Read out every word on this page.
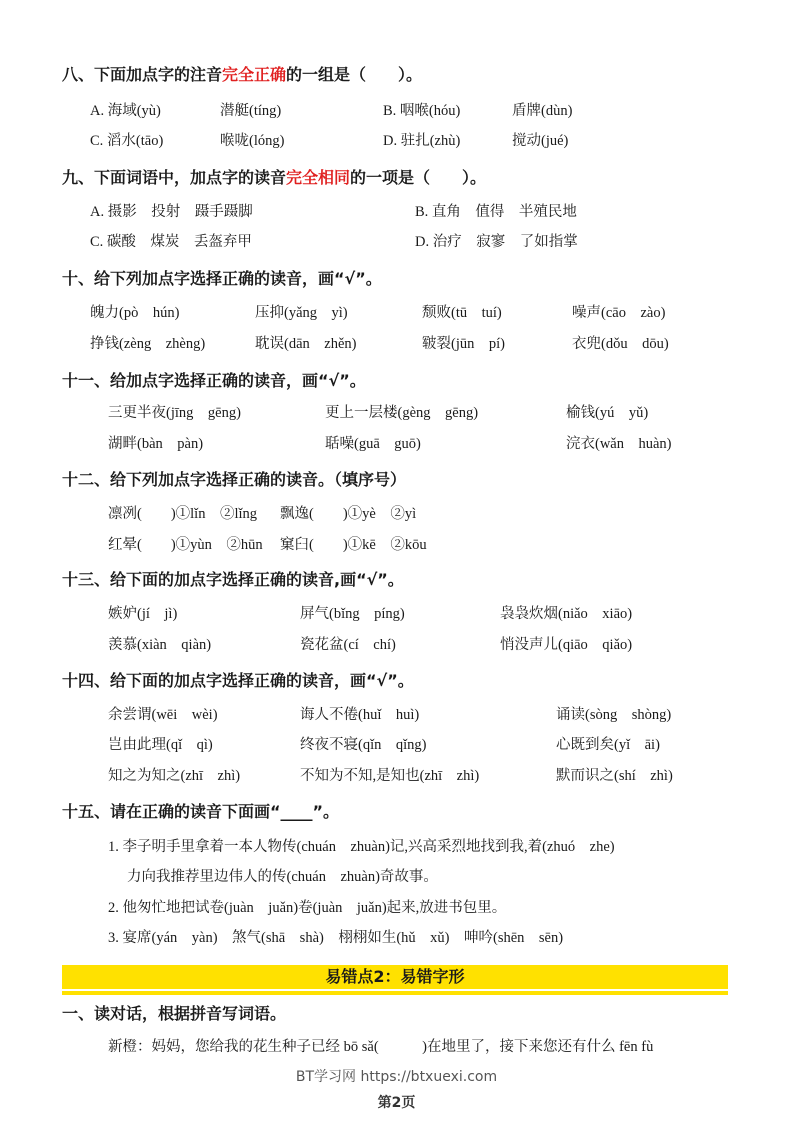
八、下面加点字的注音完全正确的一组是（　　）。
A. 海域(yù)	潜艇(tíng)	B. 咽喉(hóu)	盾牌(dùn)
C. 滔水(tāo)	喉咙(lóng)	D. 驻扎(zhù)	搅动(jué)
九、下面词语中，加点字的读音完全相同的一项是（　　）。
A. 摄影　投射　蹑手蹑脚	B. 直角　值得　半殖民地
C. 碳酸　煤炭　丢盔弃甲	D. 治疗　寂寥　了如指掌
十、给下列加点字选择正确的读音，画“√”。
魄力(pò　hún)	压抑(yǎng　yì)	颓败(tū　tuí)	噪声(cāo　zào)
挣钱(zèng　zhèng)	耽误(dān　zhěn)	皲裂(jūn　pí)	衣兜(dǒu　dōu)
十一、给加点字选择正确的读音，画“√”。
三更半夜(jīng　gēng)	更上一层楼(gèng　gēng)	榆钱(yú　yǔ)
湖畔(bàn　pàn)	聒噪(guā　guō)	浣衣(wǎn　huàn)
十二、给下列加点字选择正确的读音。（填序号）
凛冽(　　)①lǐn　②lǐng 飘逸(　　)①yè　②yì
红晕(　　)①yùn　②hūn 窠臼(　　)①kē　②kōu
十三、给下面的加点字选择正确的读音,画“√”。
嫉妒(jí　jì)	屏气(bǐng　píng)	袅袅炊烟(niǎo　xiāo)
羡慕(xiàn　qiàn)	瓷花盆(cí　chí)	悄没声儿(qiāo　qiǎo)
十四、给下面的加点字选择正确的读音，画“√”。
余尝谓(wēi　wèi)	诲人不倦(huǐ　huì)	诵读(sòng　shòng)
岂由此理(qǐ　qì)	终夜不寝(qǐn　qǐng)	心既到矣(yǐ　āi)
知之为知之(zhī　zhì)	不知为不知,是知也(zhī　zhì)	默而识之(shí　zhì)
十五、请在正确的读音下面画“____”。
1. 李子明手里拿着一本人物传(chuán　zhuàn)记,兴高采烈地找到我,着(zhuó　zhe)
力向我推荐里边伟人的传(chuán　zhuàn)奇故事。
2. 他匆忙地把试卷(juàn　juǎn)卷(juàn　juǎn)起来,放进书包里。
3. 宴席(yán　yàn)　煞气(shā　shà)　栩栩如生(hǔ　xǔ)　呻吟(shēn　sēn)
易错点2：易错字形
一、读对话，根据拼音写词语。
新橙：妈妈，您给我的花生种子已经 bō sǎ(　　　)在地里了，接下来您还有什么 fēn fù
BT学习网 https://btxuexi.com
第2页
